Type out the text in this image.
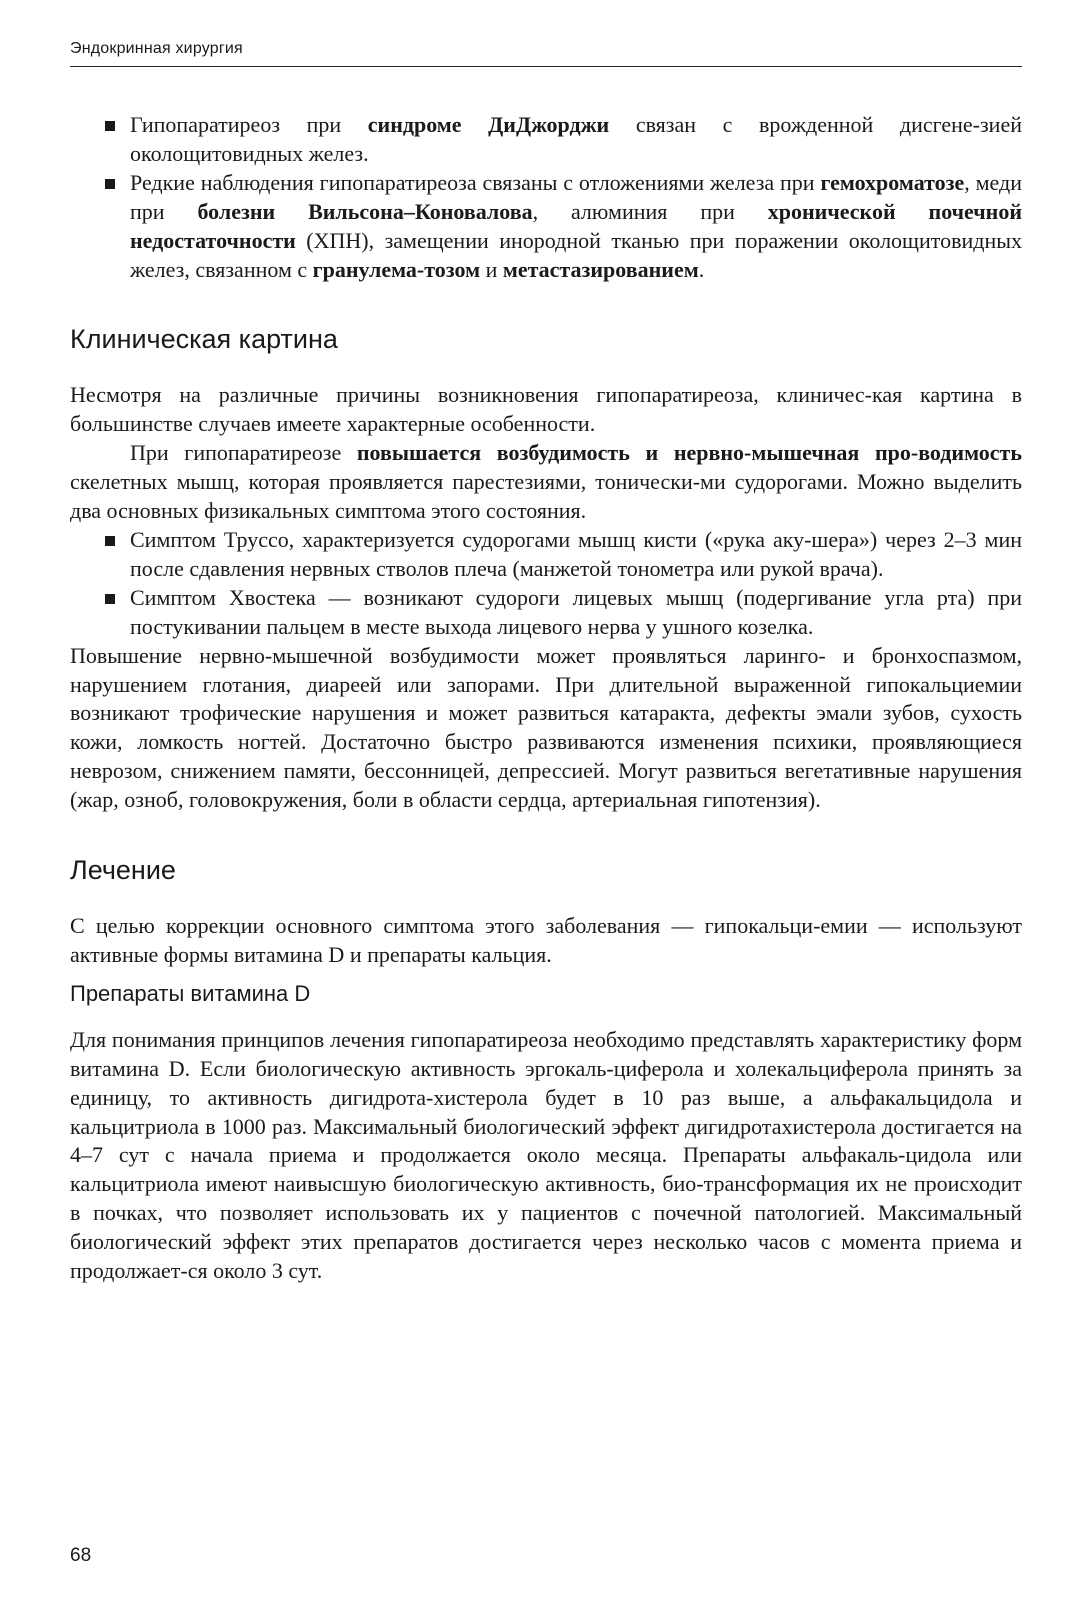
Эндокринная хирургия
Гипопаратиреоз при синдроме ДиДжорджи связан с врожденной дисгене-зией околощитовидных желез.
Редкие наблюдения гипопаратиреоза связаны с отложениями железа при гемохроматозе, меди при болезни Вильсона–Коновалова, алюминия при хронической почечной недостаточности (ХПН), замещении инородной тканью при поражении околощитовидных желез, связанном с гранулема-тозом и метастазированием.
Клиническая картина

Несмотря на различные причины возникновения гипопаратиреоза, клиничес-кая картина в большинстве случаев имеете характерные особенности.

При гипопаратиреозе повышается возбудимость и нервно-мышечная про-водимость скелетных мышц, которая проявляется парестезиями, тонически-ми судорогами. Можно выделить два основных физикальных симптома этого состояния.

Симптом Труссо, характеризуется судорогами мышц кисти («рука аку-шера») через 2–3 мин после сдавления нервных стволов плеча (манжетой тонометра или рукой врача).
Симптом Хвостека — возникают судороги лицевых мышц (подергивание угла рта) при постукивании пальцем в месте выхода лицевого нерва у ушного козелка.

Повышение нервно-мышечной возбудимости может проявляться ларинго- и бронхоспазмом, нарушением глотания, диареей или запорами. При длительной выраженной гипокальциемии возникают трофические нарушения и может развиться катаракта, дефекты эмали зубов, сухость кожи, ломкость ногтей. Достаточно быстро развиваются изменения психики, проявляющиеся неврозом, снижением памяти, бессонницей, депрессией. Могут развиться вегетативные нарушения (жар, озноб, головокружения, боли в области сердца, артериальная гипотензия).

Лечение

С целью коррекции основного симптома этого заболевания — гипокальци-емии — используют активные формы витамина D и препараты кальция.

Препараты витамина D

Для понимания принципов лечения гипопаратиреоза необходимо представлять характеристику форм витамина D. Если биологическую активность эргокаль-циферола и холекальциферола принять за единицу, то активность дигидрота-хистерола будет в 10 раз выше, а альфакальцидола и кальцитриола в 1000 раз. Максимальный биологический эффект дигидротахистерола достигается на 4–7 сут с начала приема и продолжается около месяца. Препараты альфакаль-цидола или кальцитриола имеют наивысшую биологическую активность, био-трансформация их не происходит в почках, что позволяет использовать их у пациентов с почечной патологией. Максимальный биологический эффект этих препаратов достигается через несколько часов с момента приема и продолжает-ся около 3 сут.

68
